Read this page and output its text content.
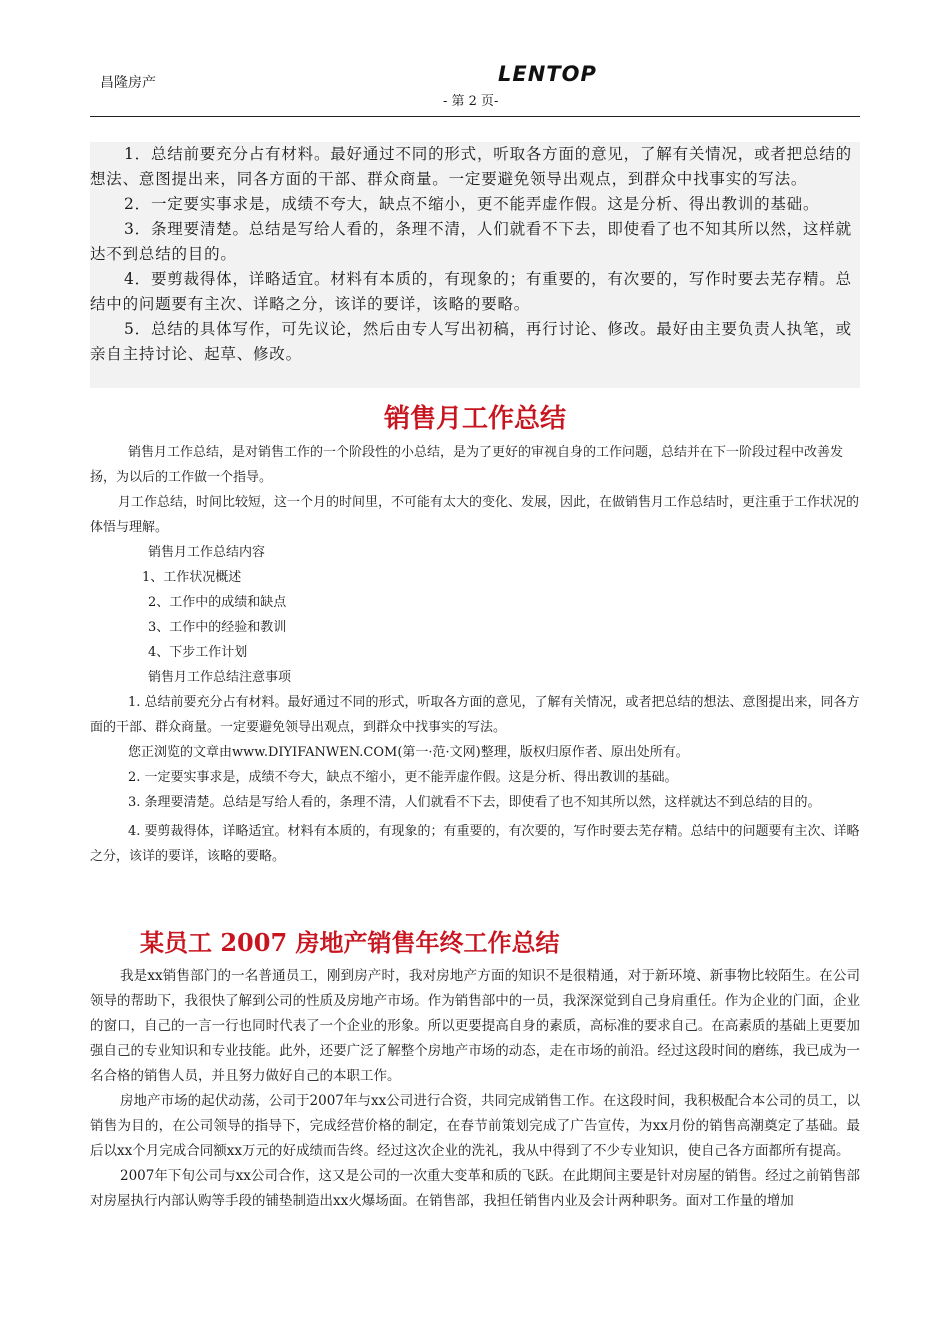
昌隆房产	LENTOP
- 第 2 页-

1．总结前要充分占有材料。最好通过不同的形式，听取各方面的意见，了解有关情况，或者把总结的想法、意图提出来，同各方面的干部、群众商量。一定要避免领导出观点，到群众中找事实的写法。

2．一定要实事求是，成绩不夸大，缺点不缩小，更不能弄虚作假。这是分析、得出教训的基础。

3．条理要清楚。总结是写给人看的，条理不清，人们就看不下去，即使看了也不知其所以然，这样就达不到总结的目的。

4．要剪裁得体，详略适宜。材料有本质的，有现象的；有重要的，有次要的，写作时要去芜存精。总结中的问题要有主次、详略之分，该详的要详，该略的要略。

5．总结的具体写作，可先议论，然后由专人写出初稿，再行讨论、修改。最好由主要负责人执笔，或亲自主持讨论、起草、修改。

销售月工作总结

销售月工作总结，是对销售工作的一个阶段性的小总结，是为了更好的审视自身的工作问题，总结并在下一阶段过程中改善发扬，为以后的工作做一个指导。

月工作总结，时间比较短，这一个月的时间里，不可能有太大的变化、发展，因此，在做销售月工作总结时，更注重于工作状况的体悟与理解。

销售月工作总结内容

1、工作状况概述

2、工作中的成绩和缺点

3、工作中的经验和教训

4、下步工作计划

销售月工作总结注意事项

1. 总结前要充分占有材料。最好通过不同的形式，听取各方面的意见，了解有关情况，或者把总结的想法、意图提出来，同各方面的干部、群众商量。一定要避免领导出观点，到群众中找事实的写法。

您正浏览的文章由www.DIYIFANWEN.COM(第一·范·文网)整理，版权归原作者、原出处所有。

2. 一定要实事求是，成绩不夸大，缺点不缩小，更不能弄虚作假。这是分析、得出教训的基础。

3. 条理要清楚。总结是写给人看的，条理不清，人们就看不下去，即使看了也不知其所以然，这样就达不到总结的目的。

4. 要剪裁得体，详略适宜。材料有本质的，有现象的；有重要的，有次要的，写作时要去芜存精。总结中的问题要有主次、详略之分，该详的要详，该略的要略。

某员工 2007 房地产销售年终工作总结

我是xx销售部门的一名普通员工，刚到房产时，我对房地产方面的知识不是很精通，对于新环境、新事物比较陌生。在公司领导的帮助下，我很快了解到公司的性质及房地产市场。作为销售部中的一员，我深深觉到自己身肩重任。作为企业的门面，企业的窗口，自己的一言一行也同时代表了一个企业的形象。所以更要提高自身的素质，高标准的要求自己。在高素质的基础上更要加强自己的专业知识和专业技能。此外，还要广泛了解整个房地产市场的动态，走在市场的前沿。经过这段时间的磨练，我已成为一名合格的销售人员，并且努力做好自己的本职工作。

房地产市场的起伏动荡，公司于2007年与xx公司进行合资，共同完成销售工作。在这段时间，我积极配合本公司的员工，以销售为目的，在公司领导的指导下，完成经营价格的制定，在春节前策划完成了广告宣传，为xx月份的销售高潮奠定了基础。最后以xx个月完成合同额xx万元的好成绩而告终。经过这次企业的洗礼，我从中得到了不少专业知识，使自己各方面都所有提高。

2007年下旬公司与xx公司合作，这又是公司的一次重大变革和质的飞跃。在此期间主要是针对房屋的销售。经过之前销售部对房屋执行内部认购等手段的铺垫制造出xx火爆场面。在销售部，我担任销售内业及会计两种职务。面对工作量的增加
